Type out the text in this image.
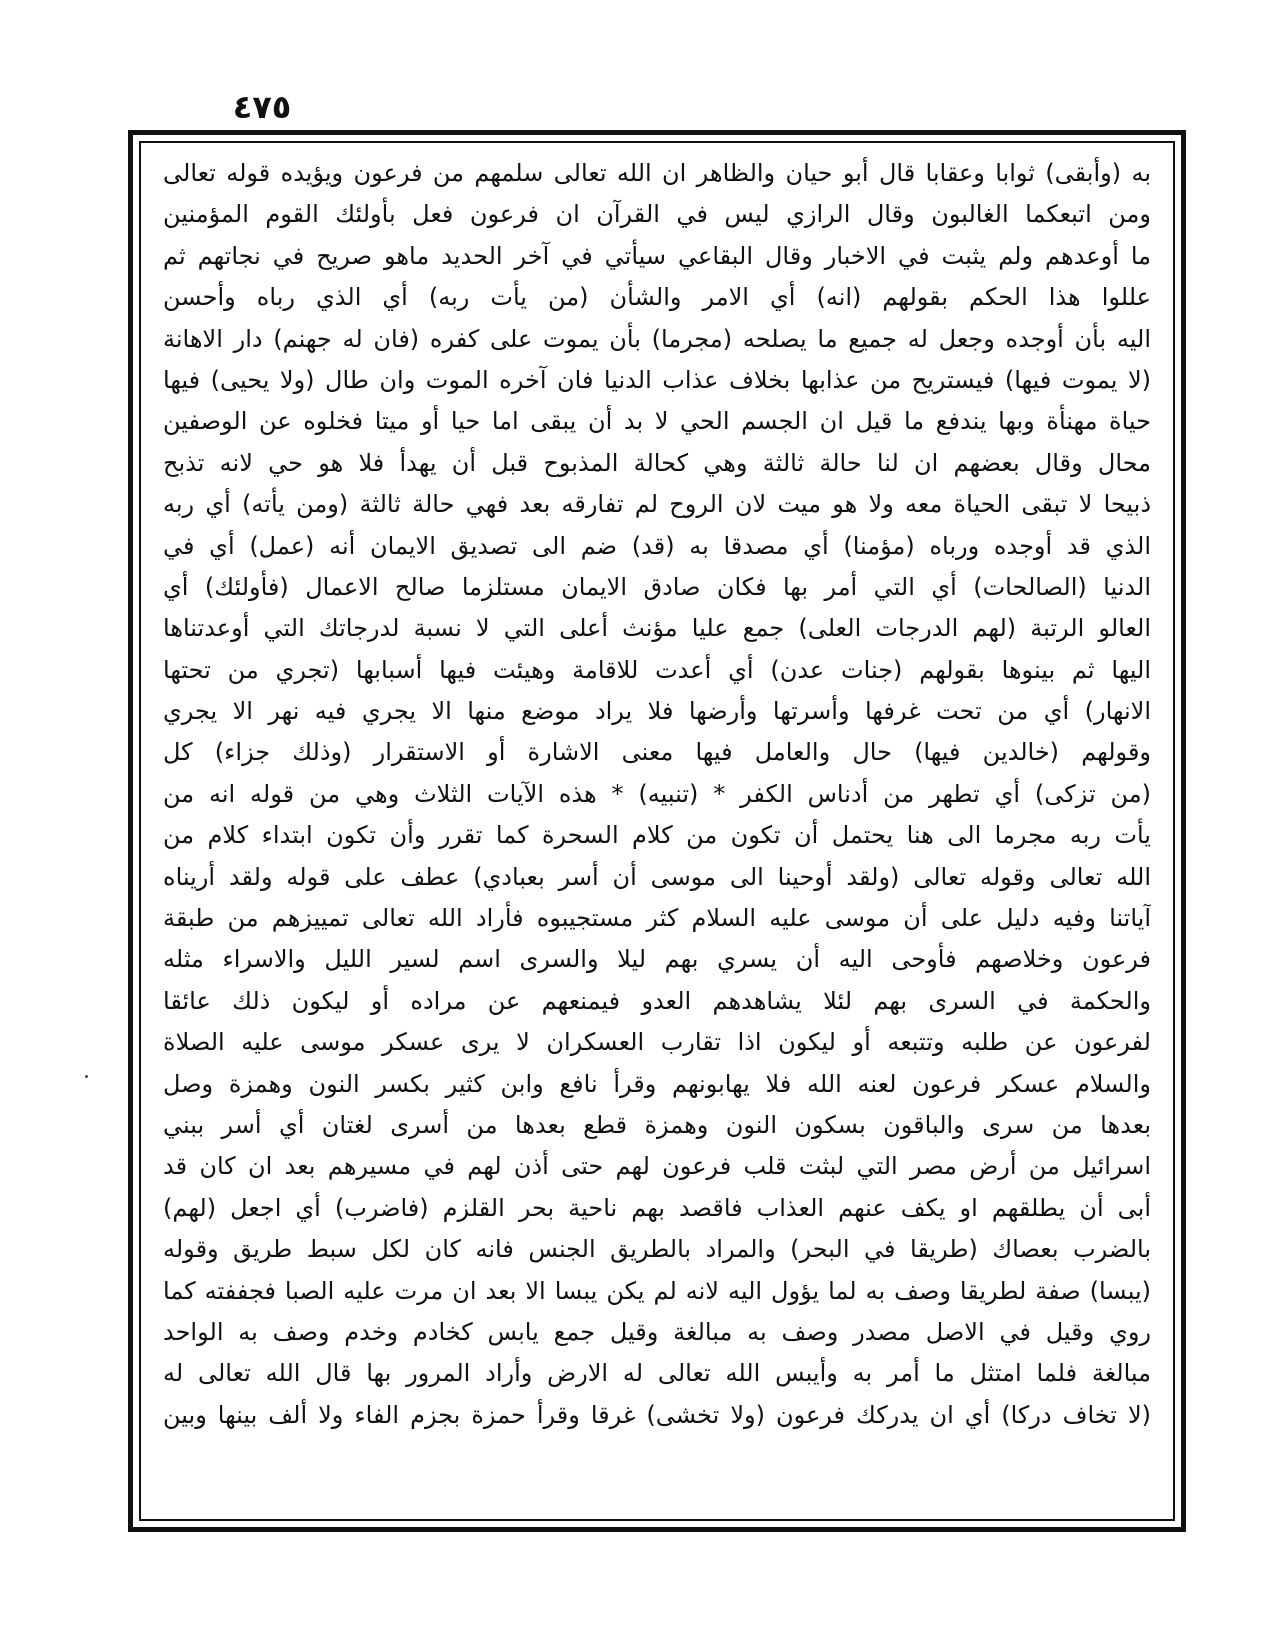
٤٧٥
به (وأبقى) ثوابا وعقابا قال أبو حيان والظاهر ان الله تعالى سلمهم من فرعون ويؤيده قوله تعالى
ومن اتبعكما الغالبون وقال الرازي ليس في القرآن ان فرعون فعل بأولئك القوم المؤمنين
ما أوعدهم ولم يثبت في الاخبار وقال البقاعي سيأتي في آخر الحديد ماهو صريح في نجاتهم ثم
عللوا هذا الحكم بقولهم (انه) أي الامر والشأن (من يأت ربه) أي الذي رباه وأحسن
اليه بأن أوجده وجعل له جميع ما يصلحه (مجرما) بأن يموت على كفره (فان له جهنم) دار الاهانة
(لا يموت فيها) فيستريح من عذابها بخلاف عذاب الدنيا فان آخره الموت وان طال (ولا يحيى) فيها
حياة مهنأة وبها يندفع ما قيل ان الجسم الحي لا بد أن يبقى اما حيا أو ميتا فخلوه عن الوصفين
محال وقال بعضهم ان لنا حالة ثالثة وهي كحالة المذبوح قبل أن يهدأ فلا هو حي لانه تذبح
ذبيحا لا تبقى الحياة معه ولا هو ميت لان الروح لم تفارقه بعد فهي حالة ثالثة (ومن يأته) أي ربه
الذي قد أوجده ورباه (مؤمنا) أي مصدقا به (قد) ضم الى تصديق الايمان أنه (عمل) أي في
الدنيا (الصالحات) أي التي أمر بها فكان صادق الايمان مستلزما صالح الاعمال (فأولئك) أي
العالو الرتبة (لهم الدرجات العلى) جمع عليا مؤنث أعلى التي لا نسبة لدرجاتك التي أوعدتناها
اليها ثم بينوها بقولهم (جنات عدن) أي أعدت للاقامة وهيئت فيها أسبابها (تجري من تحتها
الانهار) أي من تحت غرفها وأسرتها وأرضها فلا يراد موضع منها الا يجري فيه نهر الا يجري
وقولهم (خالدين فيها) حال والعامل فيها معنى الاشارة أو الاستقرار (وذلك جزاء) كل
(من تزكى) أي تطهر من أدناس الكفر * (تنبيه) * هذه الآيات الثلاث وهي من قوله انه من
يأت ربه مجرما الى هنا يحتمل أن تكون من كلام السحرة كما تقرر وأن تكون ابتداء كلام من
الله تعالى وقوله تعالى (ولقد أوحينا الى موسى أن أسر بعبادي) عطف على قوله ولقد أريناه
آياتنا وفيه دليل على أن موسى عليه السلام كثر مستجيبوه فأراد الله تعالى تمييزهم من طبقة
فرعون وخلاصهم فأوحى اليه أن يسري بهم ليلا والسرى اسم لسير الليل والاسراء مثله
والحكمة في السرى بهم لئلا يشاهدهم العدو فيمنعهم عن مراده أو ليكون ذلك عائقا
لفرعون عن طلبه وتتبعه أو ليكون اذا تقارب العسكران لا يرى عسكر موسى عليه الصلاة
والسلام عسكر فرعون لعنه الله فلا يهابونهم وقرأ نافع وابن كثير بكسر النون وهمزة وصل
بعدها من سرى والباقون بسكون النون وهمزة قطع بعدها من أسرى لغتان أي أسر ببني
اسرائيل من أرض مصر التي لبثت قلب فرعون لهم حتى أذن لهم في مسيرهم بعد ان كان قد
أبى أن يطلقهم او يكف عنهم العذاب فاقصد بهم ناحية بحر القلزم (فاضرب) أي اجعل (لهم)
بالضرب بعصاك (طريقا في البحر) والمراد بالطريق الجنس فانه كان لكل سبط طريق وقوله
(يبسا) صفة لطريقا وصف به لما يؤول اليه لانه لم يكن يبسا الا بعد ان مرت عليه الصبا فجففته كما
روي وقيل في الاصل مصدر وصف به مبالغة وقيل جمع يابس كخادم وخدم وصف به الواحد
مبالغة فلما امتثل ما أمر به وأيبس الله تعالى له الارض وأراد المرور بها قال الله تعالى له
(لا تخاف دركا) أي ان يدركك فرعون (ولا تخشى) غرقا وقرأ حمزة بجزم الفاء ولا ألف بينها وبين
